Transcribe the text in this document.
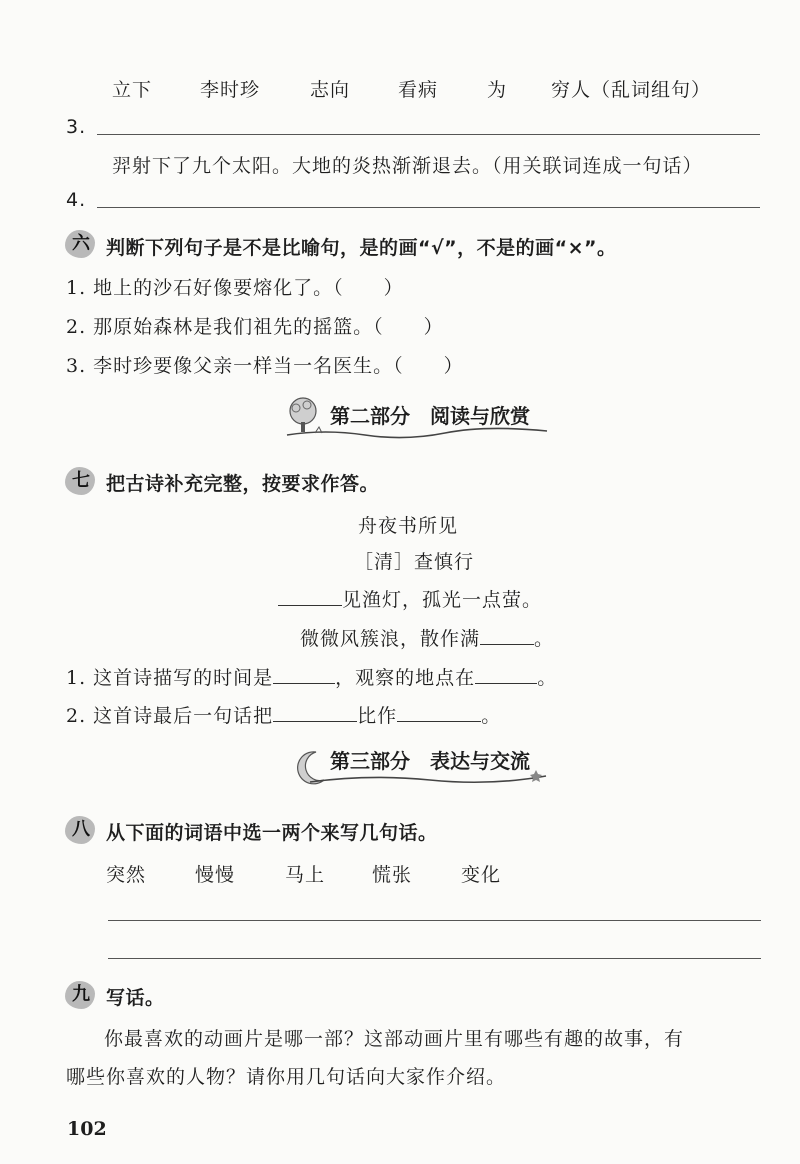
立下	李时珍	志向	看病	为 穷人（乱词组句）
3.
羿射下了九个太阳。大地的炎热渐渐退去。（用关联词连成一句话）
4.
六 判断下列句子是不是比喻句，是的画“√”，不是的画“×”。
1. 地上的沙石好像要熔化了。（　　）
2. 那原始森林是我们祖先的摇篮。（　　）
3. 李时珍要像父亲一样当一名医生。（　　）
第二部分　阅读与欣赏
七 把古诗补充完整，按要求作答。
舟夜书所见
［清］查慎行
见渔灯，孤光一点萤。
微微风簇浪，散作满	。
1. 这首诗描写的时间是	，观察的地点在	。
2. 这首诗最后一句话把	比作	。
第三部分　表达与交流
八 从下面的词语中选一两个来写几句话。
突然	慢慢	马上 慌张	变化
九 写话。
你最喜欢的动画片是哪一部？这部动画片里有哪些有趣的故事，有
哪些你喜欢的人物？请你用几句话向大家作介绍。
102
